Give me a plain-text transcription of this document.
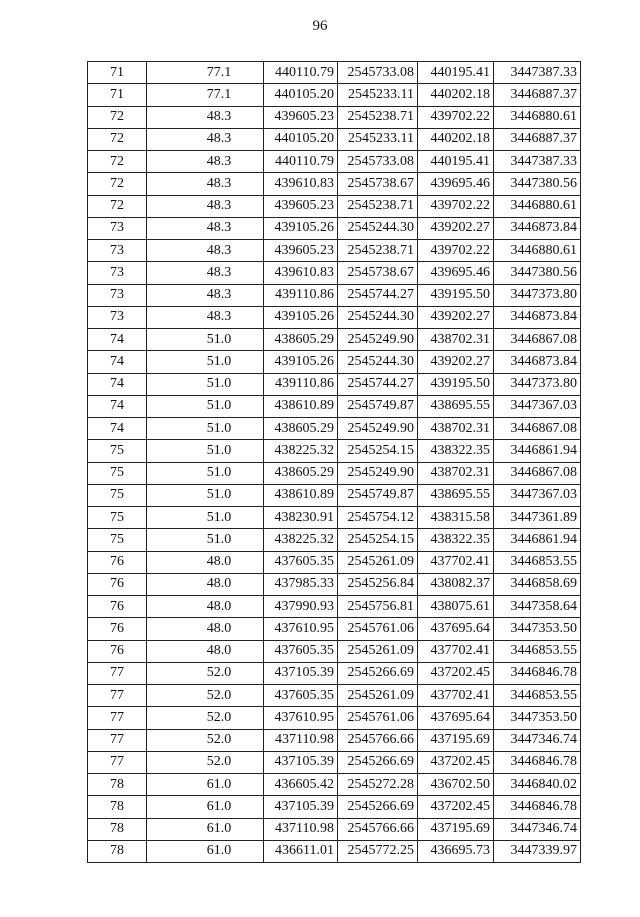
96
71	77.1	440110.79	2545733.08	440195.41	3447387.33
71	77.1	440105.20	2545233.11	440202.18	3446887.37
72	48.3	439605.23	2545238.71	439702.22	3446880.61
72	48.3	440105.20	2545233.11	440202.18	3446887.37
72	48.3	440110.79	2545733.08	440195.41	3447387.33
72	48.3	439610.83	2545738.67	439695.46	3447380.56
72	48.3	439605.23	2545238.71	439702.22	3446880.61
73	48.3	439105.26	2545244.30	439202.27	3446873.84
73	48.3	439605.23	2545238.71	439702.22	3446880.61
73	48.3	439610.83	2545738.67	439695.46	3447380.56
73	48.3	439110.86	2545744.27	439195.50	3447373.80
73	48.3	439105.26	2545244.30	439202.27	3446873.84
74	51.0	438605.29	2545249.90	438702.31	3446867.08
74	51.0	439105.26	2545244.30	439202.27	3446873.84
74	51.0	439110.86	2545744.27	439195.50	3447373.80
74	51.0	438610.89	2545749.87	438695.55	3447367.03
74	51.0	438605.29	2545249.90	438702.31	3446867.08
75	51.0	438225.32	2545254.15	438322.35	3446861.94
75	51.0	438605.29	2545249.90	438702.31	3446867.08
75	51.0	438610.89	2545749.87	438695.55	3447367.03
75	51.0	438230.91	2545754.12	438315.58	3447361.89
75	51.0	438225.32	2545254.15	438322.35	3446861.94
76	48.0	437605.35	2545261.09	437702.41	3446853.55
76	48.0	437985.33	2545256.84	438082.37	3446858.69
76	48.0	437990.93	2545756.81	438075.61	3447358.64
76	48.0	437610.95	2545761.06	437695.64	3447353.50
76	48.0	437605.35	2545261.09	437702.41	3446853.55
77	52.0	437105.39	2545266.69	437202.45	3446846.78
77	52.0	437605.35	2545261.09	437702.41	3446853.55
77	52.0	437610.95	2545761.06	437695.64	3447353.50
77	52.0	437110.98	2545766.66	437195.69	3447346.74
77	52.0	437105.39	2545266.69	437202.45	3446846.78
78	61.0	436605.42	2545272.28	436702.50	3446840.02
78	61.0	437105.39	2545266.69	437202.45	3446846.78
78	61.0	437110.98	2545766.66	437195.69	3447346.74
78	61.0	436611.01	2545772.25	436695.73	3447339.97
